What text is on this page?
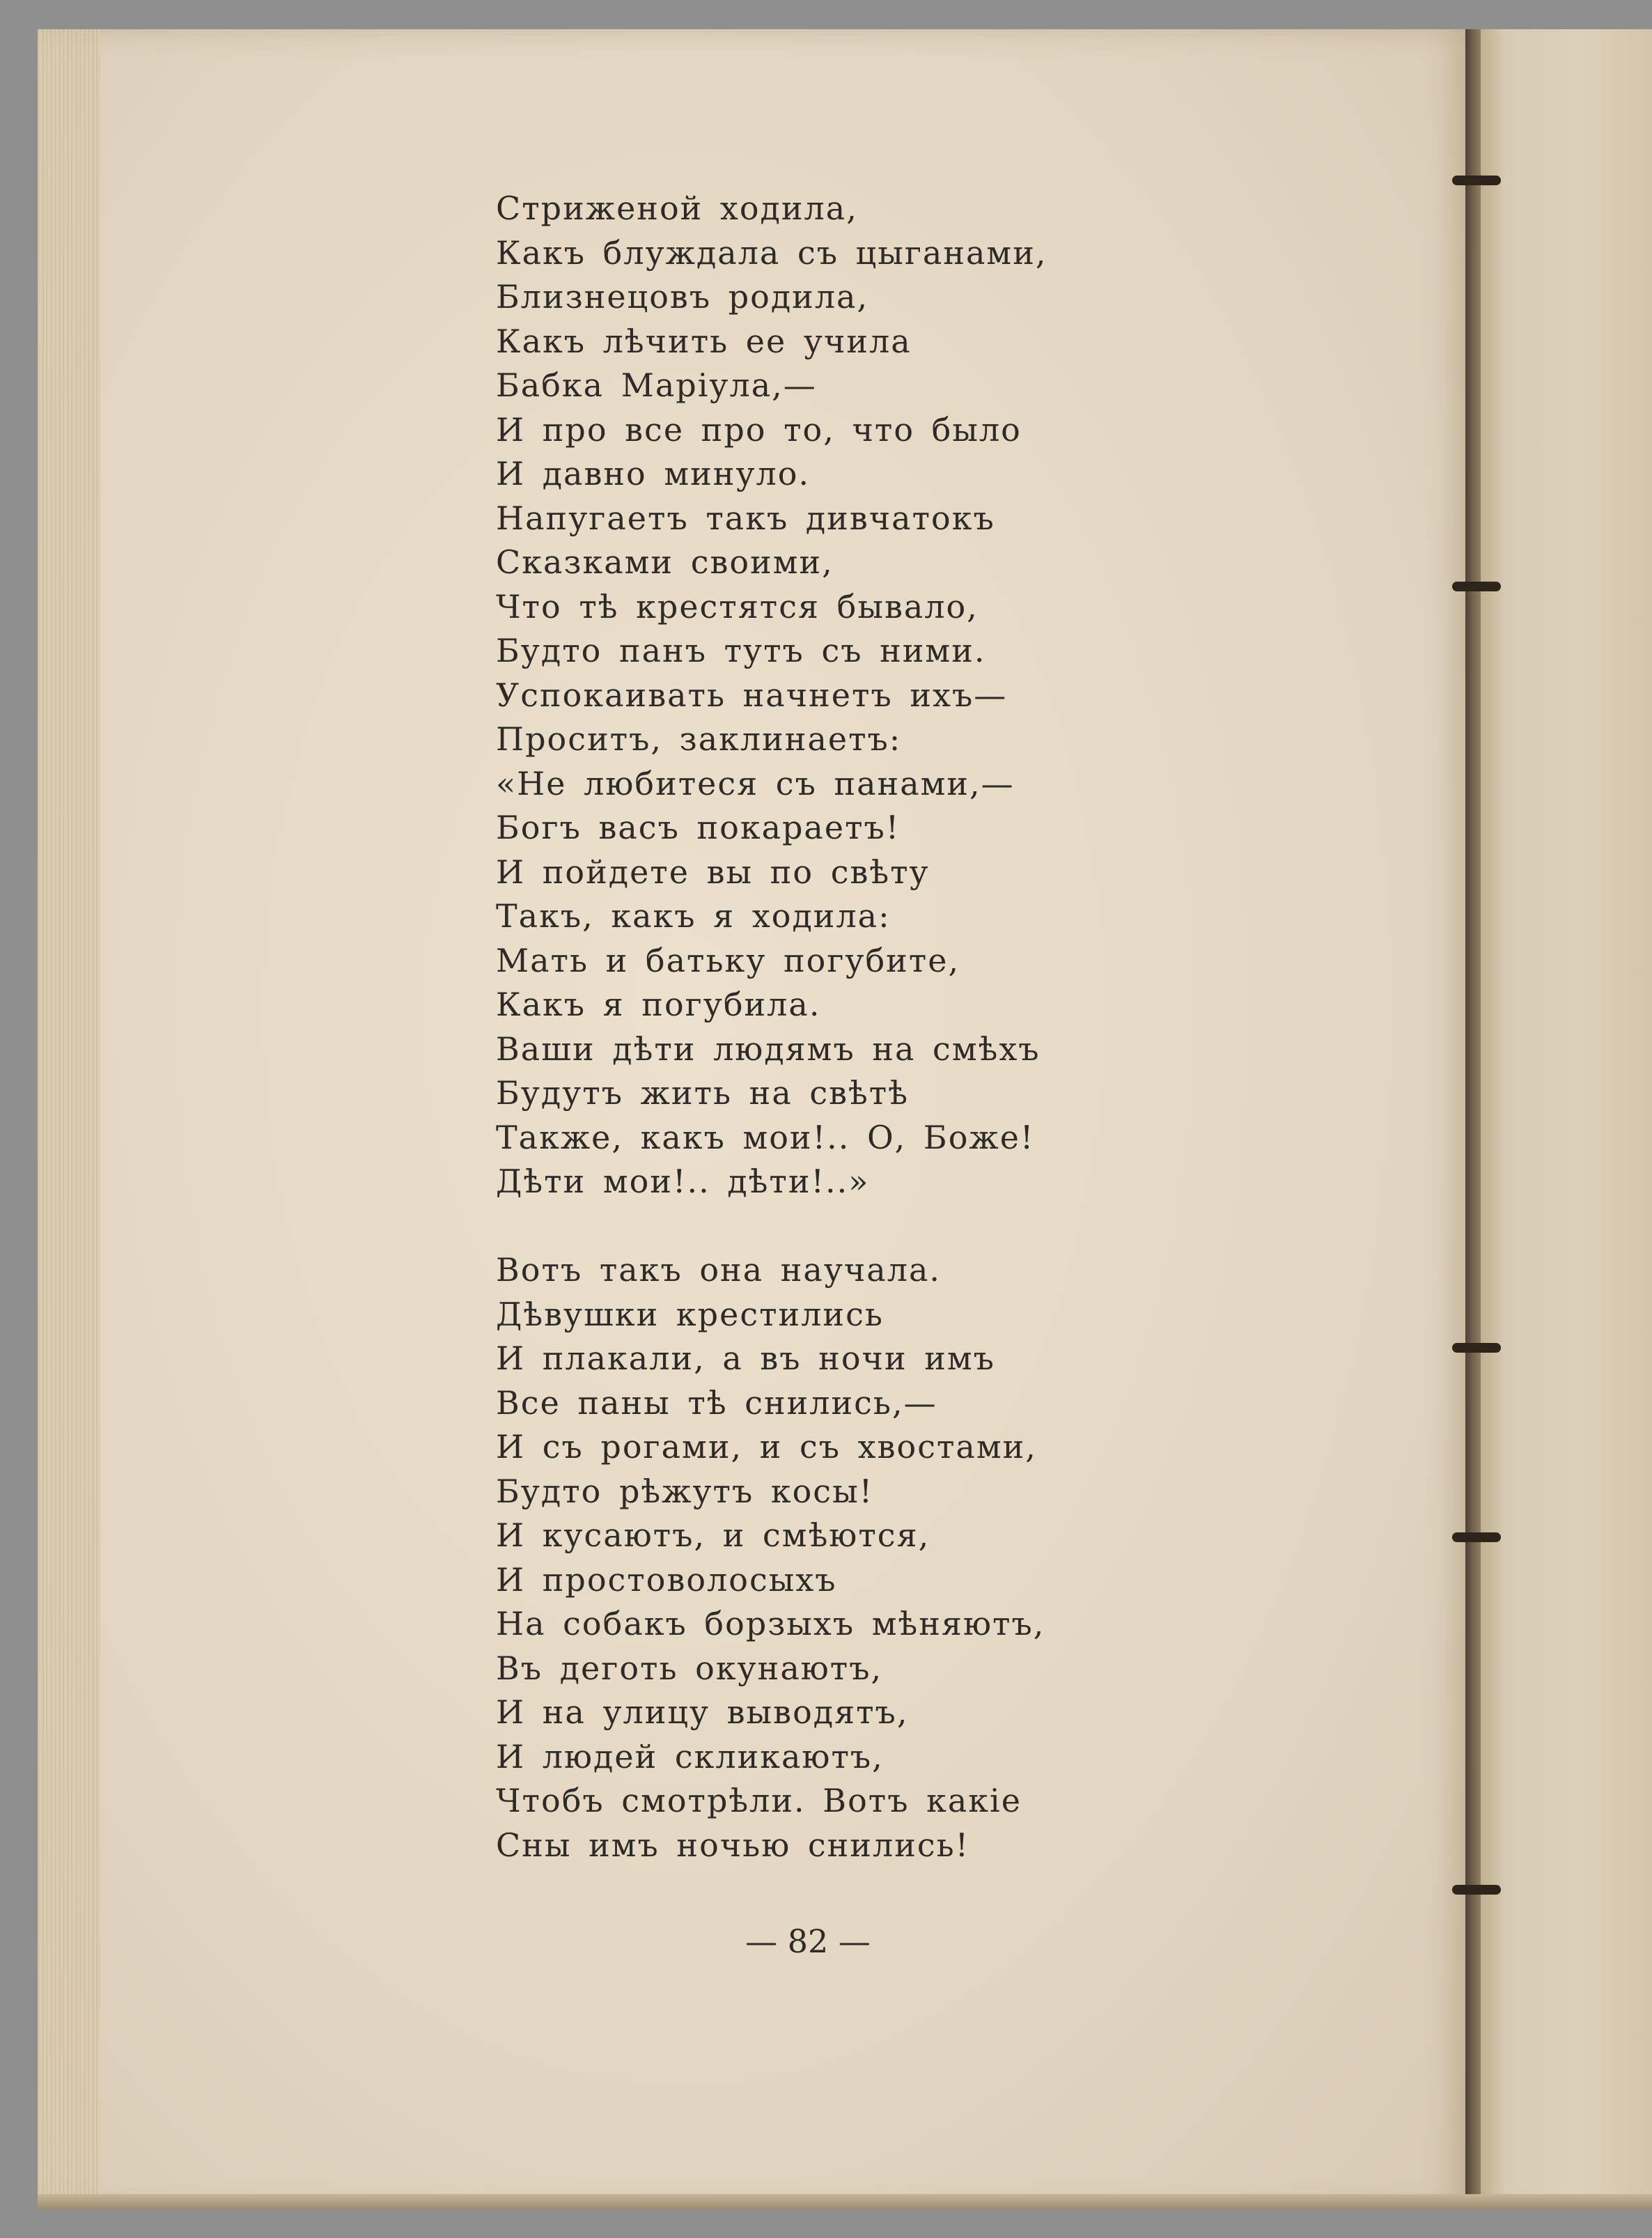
Стриженой ходила,
Какъ блуждала съ цыганами,
Близнецовъ родила,
Какъ лѣчить ее учила
Бабка Маріула,—
И про все про то, что было
И давно минуло.
Напугаетъ такъ дивчатокъ
Сказками своими,
Что тѣ крестятся бывало,
Будто панъ тутъ съ ними.
Успокаивать начнетъ ихъ—
Проситъ, заклинаетъ:
«Не любитеся съ панами,—
Богъ васъ покараетъ!
И пойдете вы по свѣту
Такъ, какъ я ходила:
Мать и батьку погубите,
Какъ я погубила.
Ваши дѣти людямъ на смѣхъ
Будутъ жить на свѣтѣ
Также, какъ мои!.. О, Боже!
Дѣти мои!.. дѣти!..»
Вотъ такъ она научала.
Дѣвушки крестились
И плакали, а въ ночи имъ
Все паны тѣ снились,—
И съ рогами, и съ хвостами,
Будто рѣжутъ косы!
И кусаютъ, и смѣются,
И простоволосыхъ
На собакъ борзыхъ мѣняютъ,
Въ деготь окунаютъ,
И на улицу выводятъ,
И людей скликаютъ,
Чтобъ смотрѣли. Вотъ какіе
Сны имъ ночью снились!
— 82 —
